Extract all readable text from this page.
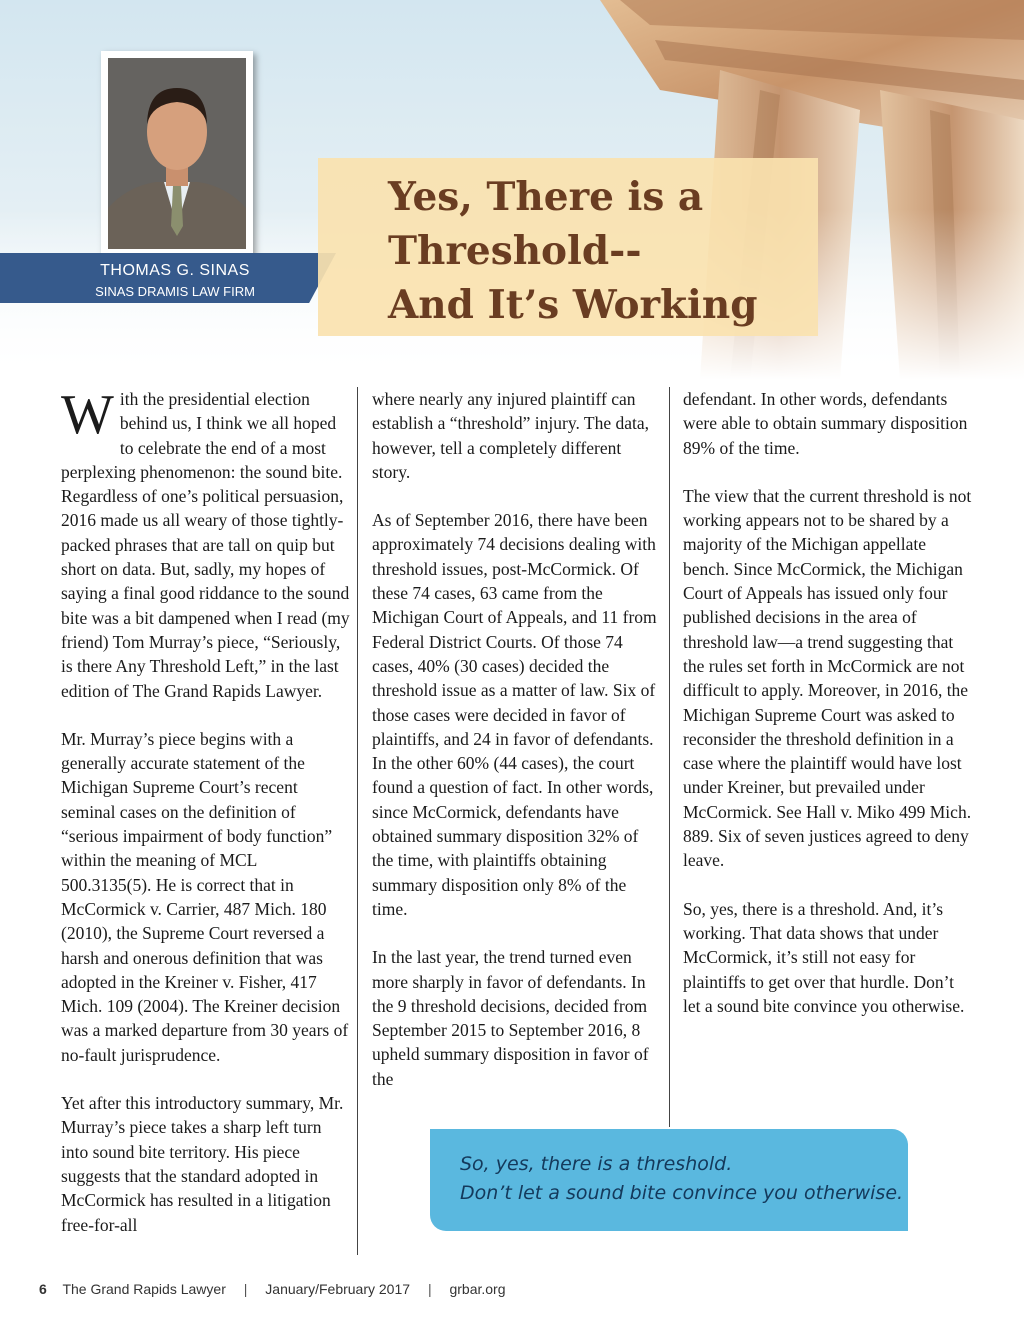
THOMAS G. SINAS
SINAS DRAMIS LAW FIRM
Yes, There is a
Threshold--
And It’s Working

With the presidential election behind us, I think we all hoped to celebrate the end of a most perplexing phenomenon: the sound bite. Regardless of one’s political persuasion, 2016 made us all weary of those tightly-packed phrases that are tall on quip but short on data. But, sadly, my hopes of saying a final good riddance to the sound bite was a bit dampened when I read (my friend) Tom Murray’s piece, “Seriously, is there Any Threshold Left,” in the last edition of The Grand Rapids Lawyer.

Mr. Murray’s piece begins with a generally accurate statement of the Michigan Supreme Court’s recent seminal cases on the definition of “serious impairment of body function” within the meaning of MCL 500.3135(5). He is correct that in McCormick v. Carrier, 487 Mich. 180 (2010), the Supreme Court reversed a harsh and onerous definition that was adopted in the Kreiner v. Fisher, 417 Mich. 109 (2004). The Kreiner decision was a marked departure from 30 years of no-fault jurisprudence.

Yet after this introductory summary, Mr. Murray’s piece takes a sharp left turn into sound bite territory. His piece suggests that the standard adopted in McCormick has resulted in a litigation free-for-all

where nearly any injured plaintiff can establish a “threshold” injury. The data, however, tell a completely different story.

As of September 2016, there have been approximately 74 decisions dealing with threshold issues, post-McCormick. Of these 74 cases, 63 came from the Michigan Court of Appeals, and 11 from Federal District Courts. Of those 74 cases, 40% (30 cases) decided the threshold issue as a matter of law. Six of those cases were decided in favor of plaintiffs, and 24 in favor of defendants. In the other 60% (44 cases), the court found a question of fact. In other words, since McCormick, defendants have obtained summary disposition 32% of the time, with plaintiffs obtaining summary disposition only 8% of the time.

In the last year, the trend turned even more sharply in favor of defendants. In the 9 threshold decisions, decided from September 2015 to September 2016, 8 upheld summary disposition in favor of the

defendant. In other words, defendants were able to obtain summary disposition 89% of the time.

The view that the current threshold is not working appears not to be shared by a majority of the Michigan appellate bench. Since McCormick, the Michigan Court of Appeals has issued only four published decisions in the area of threshold law—a trend suggesting that the rules set forth in McCormick are not difficult to apply. Moreover, in 2016, the Michigan Supreme Court was asked to reconsider the threshold definition in a case where the plaintiff would have lost under Kreiner, but prevailed under McCormick. See Hall v. Miko 499 Mich. 889. Six of seven justices agreed to deny leave.

So, yes, there is a threshold. And, it’s working. That data shows that under McCormick, it’s still not easy for plaintiffs to get over that hurdle. Don’t let a sound bite convince you otherwise.

So, yes, there is a threshold.
Don’t let a sound bite convince you otherwise.
6 The Grand Rapids Lawyer | January/February 2017 | grbar.org
